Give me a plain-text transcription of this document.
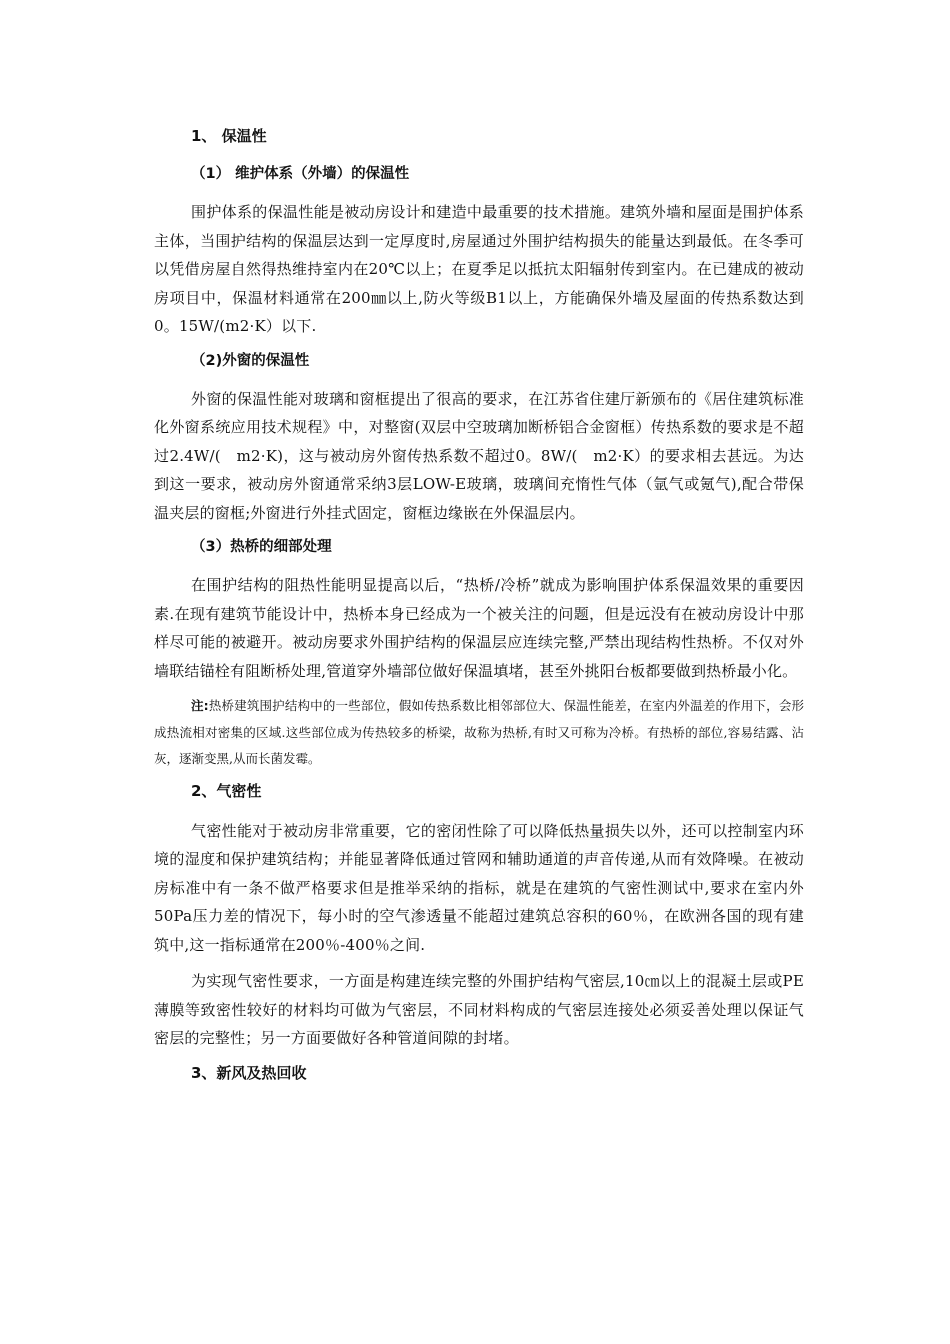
1、 保温性
（1） 维护体系（外墙）的保温性

围护体系的保温性能是被动房设计和建造中最重要的技术措施。建筑外墙和屋面是围护体系主体，当围护结构的保温层达到一定厚度时,房屋通过外围护结构损失的能量达到最低。在冬季可以凭借房屋自然得热维持室内在20℃以上；在夏季足以抵抗太阳辐射传到室内。在已建成的被动房项目中，保温材料通常在200㎜以上,防火等级B1以上，方能确保外墙及屋面的传热系数达到0。15W/(m2·K）以下.

（2)外窗的保温性

外窗的保温性能对玻璃和窗框提出了很高的要求，在江苏省住建厅新颁布的《居住建筑标准化外窗系统应用技术规程》中，对整窗(双层中空玻璃加断桥铝合金窗框）传热系数的要求是不超过2.4W/(　m2·K)，这与被动房外窗传热系数不超过0。8W/(　m2·K）的要求相去甚远。为达到这一要求，被动房外窗通常采纳3层LOW-E玻璃，玻璃间充惰性气体（氩气或氪气),配合带保温夹层的窗框;外窗进行外挂式固定，窗框边缘嵌在外保温层内。

（3）热桥的细部处理

在围护结构的阻热性能明显提高以后，“热桥/冷桥”就成为影响围护体系保温效果的重要因素.在现有建筑节能设计中，热桥本身已经成为一个被关注的问题，但是远没有在被动房设计中那样尽可能的被避开。被动房要求外围护结构的保温层应连续完整,严禁出现结构性热桥。不仅对外墙联结锚栓有阻断桥处理,管道穿外墙部位做好保温填堵，甚至外挑阳台板都要做到热桥最小化。

注:热桥建筑围护结构中的一些部位，假如传热系数比相邻部位大、保温性能差，在室内外温差的作用下，会形成热流相对密集的区域.这些部位成为传热较多的桥梁，故称为热桥,有时又可称为冷桥。有热桥的部位,容易结露、沾灰，逐渐变黑,从而长菌发霉。

2、气密性

气密性能对于被动房非常重要，它的密闭性除了可以降低热量损失以外，还可以控制室内环境的湿度和保护建筑结构；并能显著降低通过管网和辅助通道的声音传递,从而有效降噪。在被动房标准中有一条不做严格要求但是推举采纳的指标，就是在建筑的气密性测试中,要求在室内外50Pa压力差的情况下，每小时的空气渗透量不能超过建筑总容积的60％，在欧洲各国的现有建筑中,这一指标通常在200％-400％之间.

为实现气密性要求，一方面是构建连续完整的外围护结构气密层,10㎝以上的混凝土层或PE薄膜等致密性较好的材料均可做为气密层，不同材料构成的气密层连接处必须妥善处理以保证气密层的完整性；另一方面要做好各种管道间隙的封堵。

3、新风及热回收
